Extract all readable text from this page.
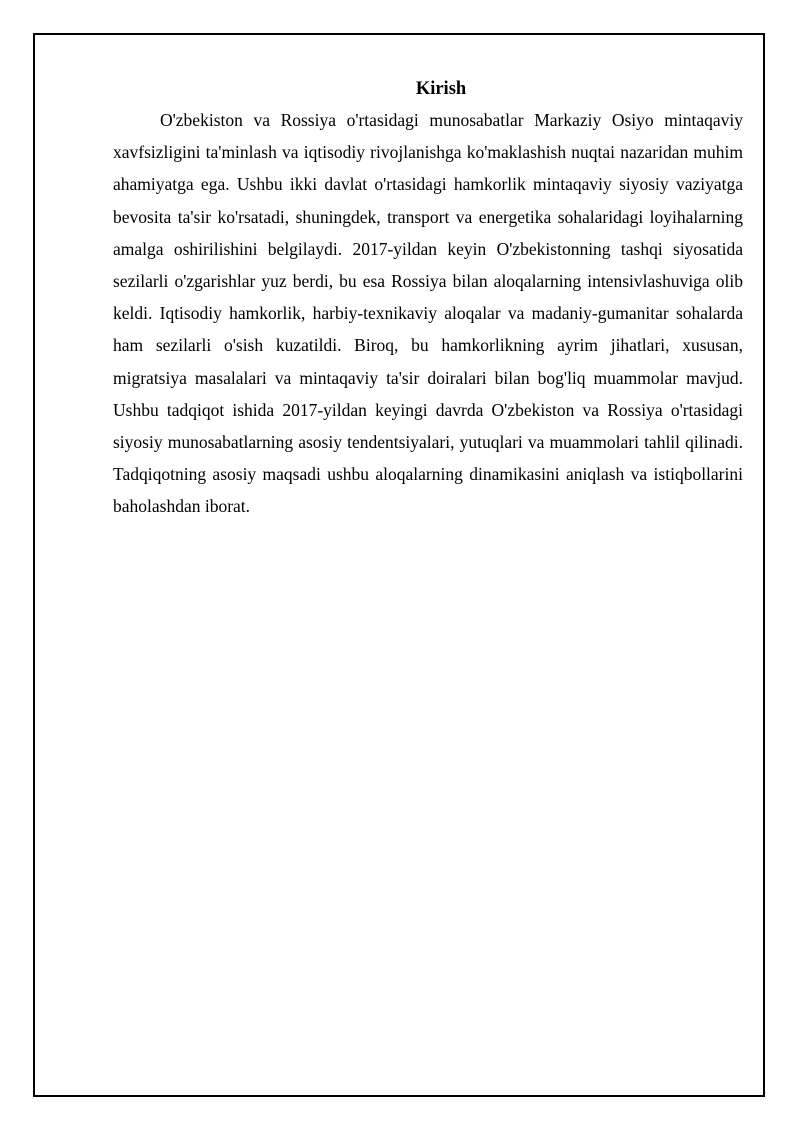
Kirish

O'zbekiston va Rossiya o'rtasidagi munosabatlar Markaziy Osiyo mintaqaviy xavfsizligini ta'minlash va iqtisodiy rivojlanishga ko'maklashish nuqtai nazaridan muhim ahamiyatga ega. Ushbu ikki davlat o'rtasidagi hamkorlik mintaqaviy siyosiy vaziyatga bevosita ta'sir ko'rsatadi, shuningdek, transport va energetika sohalaridagi loyihalarning amalga oshirilishini belgilaydi. 2017-yildan keyin O'zbekistonning tashqi siyosatida sezilarli o'zgarishlar yuz berdi, bu esa Rossiya bilan aloqalarning intensivlashuviga olib keldi. Iqtisodiy hamkorlik, harbiy-texnikaviy aloqalar va madaniy-gumanitar sohalarda ham sezilarli o'sish kuzatildi. Biroq, bu hamkorlikning ayrim jihatlari, xususan, migratsiya masalalari va mintaqaviy ta'sir doiralari bilan bog'liq muammolar mavjud. Ushbu tadqiqot ishida 2017-yildan keyingi davrda O'zbekiston va Rossiya o'rtasidagi siyosiy munosabatlarning asosiy tendentsiyalari, yutuqlari va muammolari tahlil qilinadi. Tadqiqotning asosiy maqsadi ushbu aloqalarning dinamikasini aniqlash va istiqbollarini baholashdan iborat.
